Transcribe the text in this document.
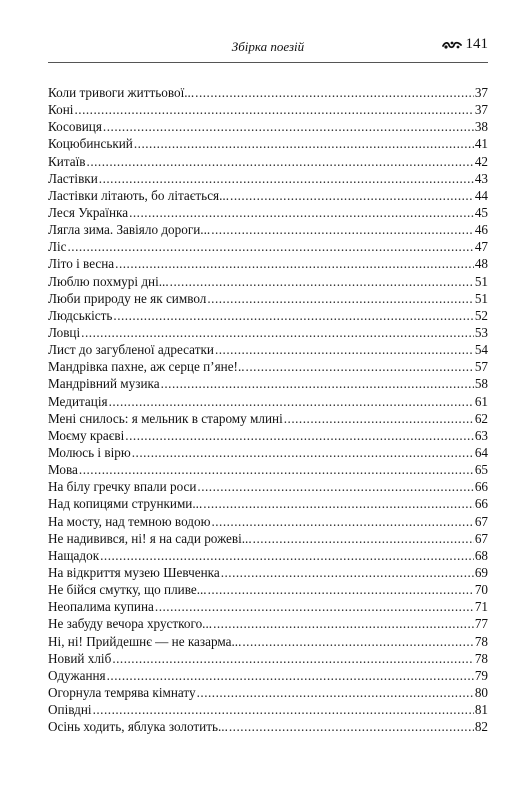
Збірка поезій	141
Коли тривоги життьової... .....	37
Коні .....	37
Косовиця .....	38
Коцюбинський .....	41
Китаїв .....	42
Ластівки .....	43
Ластівки літають, бо літається... .....	44
Леся Українка .....	45
Лягла зима. Завіяло дороги... .....	46
Ліс .....	47
Літо і весна .....	48
Люблю похмурі дні... .....	51
Люби природу не як символ .....	51
Людськість .....	52
Ловці .....	53
Лист до загубленої адресатки .....	54
Мандрівка пахне, аж серце п’яне!.. .....	57
Мандрівний музика .....	58
Медитація .....	61
Мені снилось: я мельник в старому млині .....	62
Моєму краєві .....	63
Молюсь і вірю .....	64
Мова .....	65
На білу гречку впали роси .....	66
Над копицями стрункими... .....	66
На мосту, над темною водою .....	67
Не надивився, ні! я на сади рожеві... .....	67
Нащадок .....	68
На відкриття музею Шевченка .....	69
Не бійся смутку, що пливе... .....	70
Неопалима купина .....	71
Не забуду вечора хрусткого... .....	77
Ні, ні! Прийдешнє — не казарма... .....	78
Новий хліб .....	78
Одужання .....	79
Огорнула темрява кімнату .....	80
Опівдні .....	81
Осінь ходить, яблука золотить... .....	82
